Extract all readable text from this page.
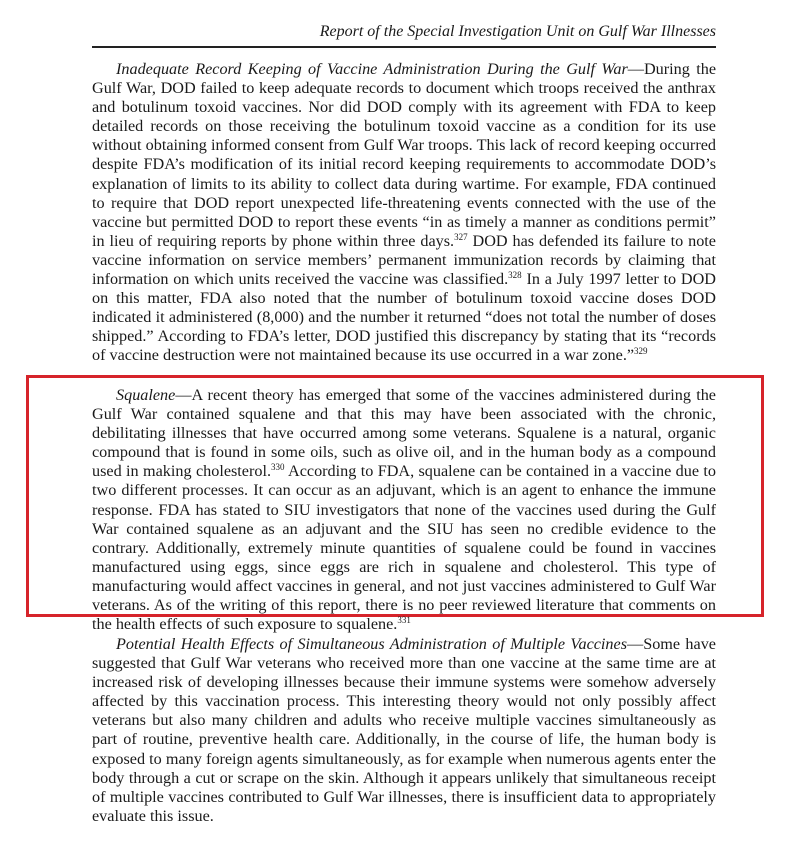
Report of the Special Investigation Unit on Gulf War Illnesses

Inadequate Record Keeping of Vaccine Administration During the Gulf War—During the Gulf War, DOD failed to keep adequate records to document which troops received the anthrax and botulinum toxoid vaccines. Nor did DOD comply with its agreement with FDA to keep detailed records on those receiving the botulinum toxoid vaccine as a condition for its use without obtaining informed consent from Gulf War troops. This lack of record keeping occurred despite FDA’s modification of its initial record keeping requirements to accommodate DOD’s explanation of limits to its ability to collect data during wartime. For example, FDA continued to require that DOD report unexpected life-threatening events connected with the use of the vaccine but permitted DOD to report these events “in as timely a manner as conditions permit” in lieu of requiring reports by phone within three days.$^{327}$ DOD has defended its failure to note vaccine information on service members’ permanent immunization records by claiming that information on which units received the vaccine was classified.$^{328}$ In a July 1997 letter to DOD on this matter, FDA also noted that the number of botulinum toxoid vaccine doses DOD indicated it administered (8,000) and the number it returned “does not total the number of doses shipped.” According to FDA’s letter, DOD justified this discrepancy by stating that its “records of vaccine destruction were not maintained because its use occurred in a war zone.”$^{329}$

Squalene—A recent theory has emerged that some of the vaccines administered during the Gulf War contained squalene and that this may have been associated with the chronic, debilitating illnesses that have occurred among some veterans. Squalene is a natural, organic compound that is found in some oils, such as olive oil, and in the human body as a compound used in making cholesterol.$^{330}$ According to FDA, squalene can be contained in a vaccine due to two different processes. It can occur as an adjuvant, which is an agent to enhance the immune response. FDA has stated to SIU investigators that none of the vaccines used during the Gulf War contained squalene as an adjuvant and the SIU has seen no credible evidence to the contrary. Additionally, extremely minute quantities of squalene could be found in vaccines manufactured using eggs, since eggs are rich in squalene and cholesterol. This type of manufacturing would affect vaccines in general, and not just vaccines administered to Gulf War veterans. As of the writing of this report, there is no peer reviewed literature that comments on the health effects of such exposure to squalene.$^{331}$

Potential Health Effects of Simultaneous Administration of Multiple Vaccines—Some have suggested that Gulf War veterans who received more than one vaccine at the same time are at increased risk of developing illnesses because their immune systems were somehow adversely affected by this vaccination process. This interesting theory would not only possibly affect veterans but also many children and adults who receive multiple vaccines simultaneously as part of routine, preventive health care. Additionally, in the course of life, the human body is exposed to many foreign agents simultaneously, as for example when numerous agents enter the body through a cut or scrape on the skin. Although it appears unlikely that simultaneous receipt of multiple vaccines contributed to Gulf War illnesses, there is insufficient data to appropriately evaluate this issue.
